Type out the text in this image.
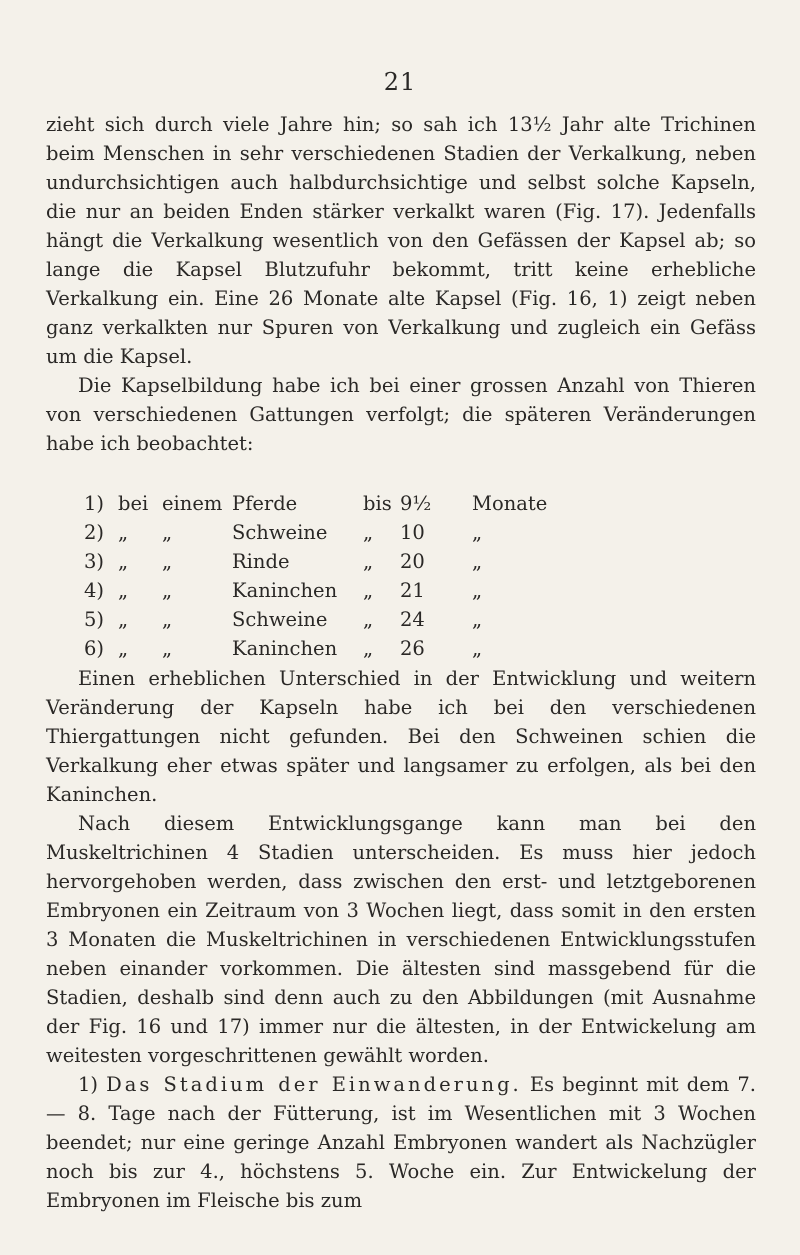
21

zieht sich durch viele Jahre hin; so sah ich 13½ Jahr alte Trichinen beim Menschen in sehr verschiedenen Stadien der Verkalkung, neben undurchsichtigen auch halbdurchsichtige und selbst solche Kapseln, die nur an beiden Enden stärker verkalkt waren (Fig. 17). Jedenfalls hängt die Verkalkung wesentlich von den Gefässen der Kapsel ab; so lange die Kapsel Blutzufuhr bekommt, tritt keine erhebliche Verkalkung ein. Eine 26 Monate alte Kapsel (Fig. 16, 1) zeigt neben ganz verkalkten nur Spuren von Verkalkung und zugleich ein Gefäss um die Kapsel.

Die Kapselbildung habe ich bei einer grossen Anzahl von Thieren von verschiedenen Gattungen verfolgt; die späteren Veränderungen habe ich beobachtet:

1)	bei	einem	Pferde	bis	9½	Monate
2)	„	„	Schweine	„	10	„
3)	„	„	Rinde	„	20	„
4)	„	„	Kaninchen	„	21	„
5)	„	„	Schweine	„	24	„
6)	„	„	Kaninchen	„	26	„

Einen erheblichen Unterschied in der Entwicklung und weitern Veränderung der Kapseln habe ich bei den verschiedenen Thiergattungen nicht gefunden. Bei den Schweinen schien die Verkalkung eher etwas später und langsamer zu erfolgen, als bei den Kaninchen.

Nach diesem Entwicklungsgange kann man bei den Muskeltrichinen 4 Stadien unterscheiden. Es muss hier jedoch hervorgehoben werden, dass zwischen den erst- und letztgeborenen Embryonen ein Zeitraum von 3 Wochen liegt, dass somit in den ersten 3 Monaten die Muskeltrichinen in verschiedenen Entwicklungsstufen neben einander vorkommen. Die ältesten sind massgebend für die Stadien, deshalb sind denn auch zu den Abbildungen (mit Ausnahme der Fig. 16 und 17) immer nur die ältesten, in der Entwickelung am weitesten vorgeschrittenen gewählt worden.

1) Das Stadium der Einwanderung. Es beginnt mit dem 7.— 8. Tage nach der Fütterung, ist im Wesentlichen mit 3 Wochen beendet; nur eine geringe Anzahl Embryonen wandert als Nachzügler noch bis zur 4., höchstens 5. Woche ein. Zur Entwickelung der Embryonen im Fleische bis zum
